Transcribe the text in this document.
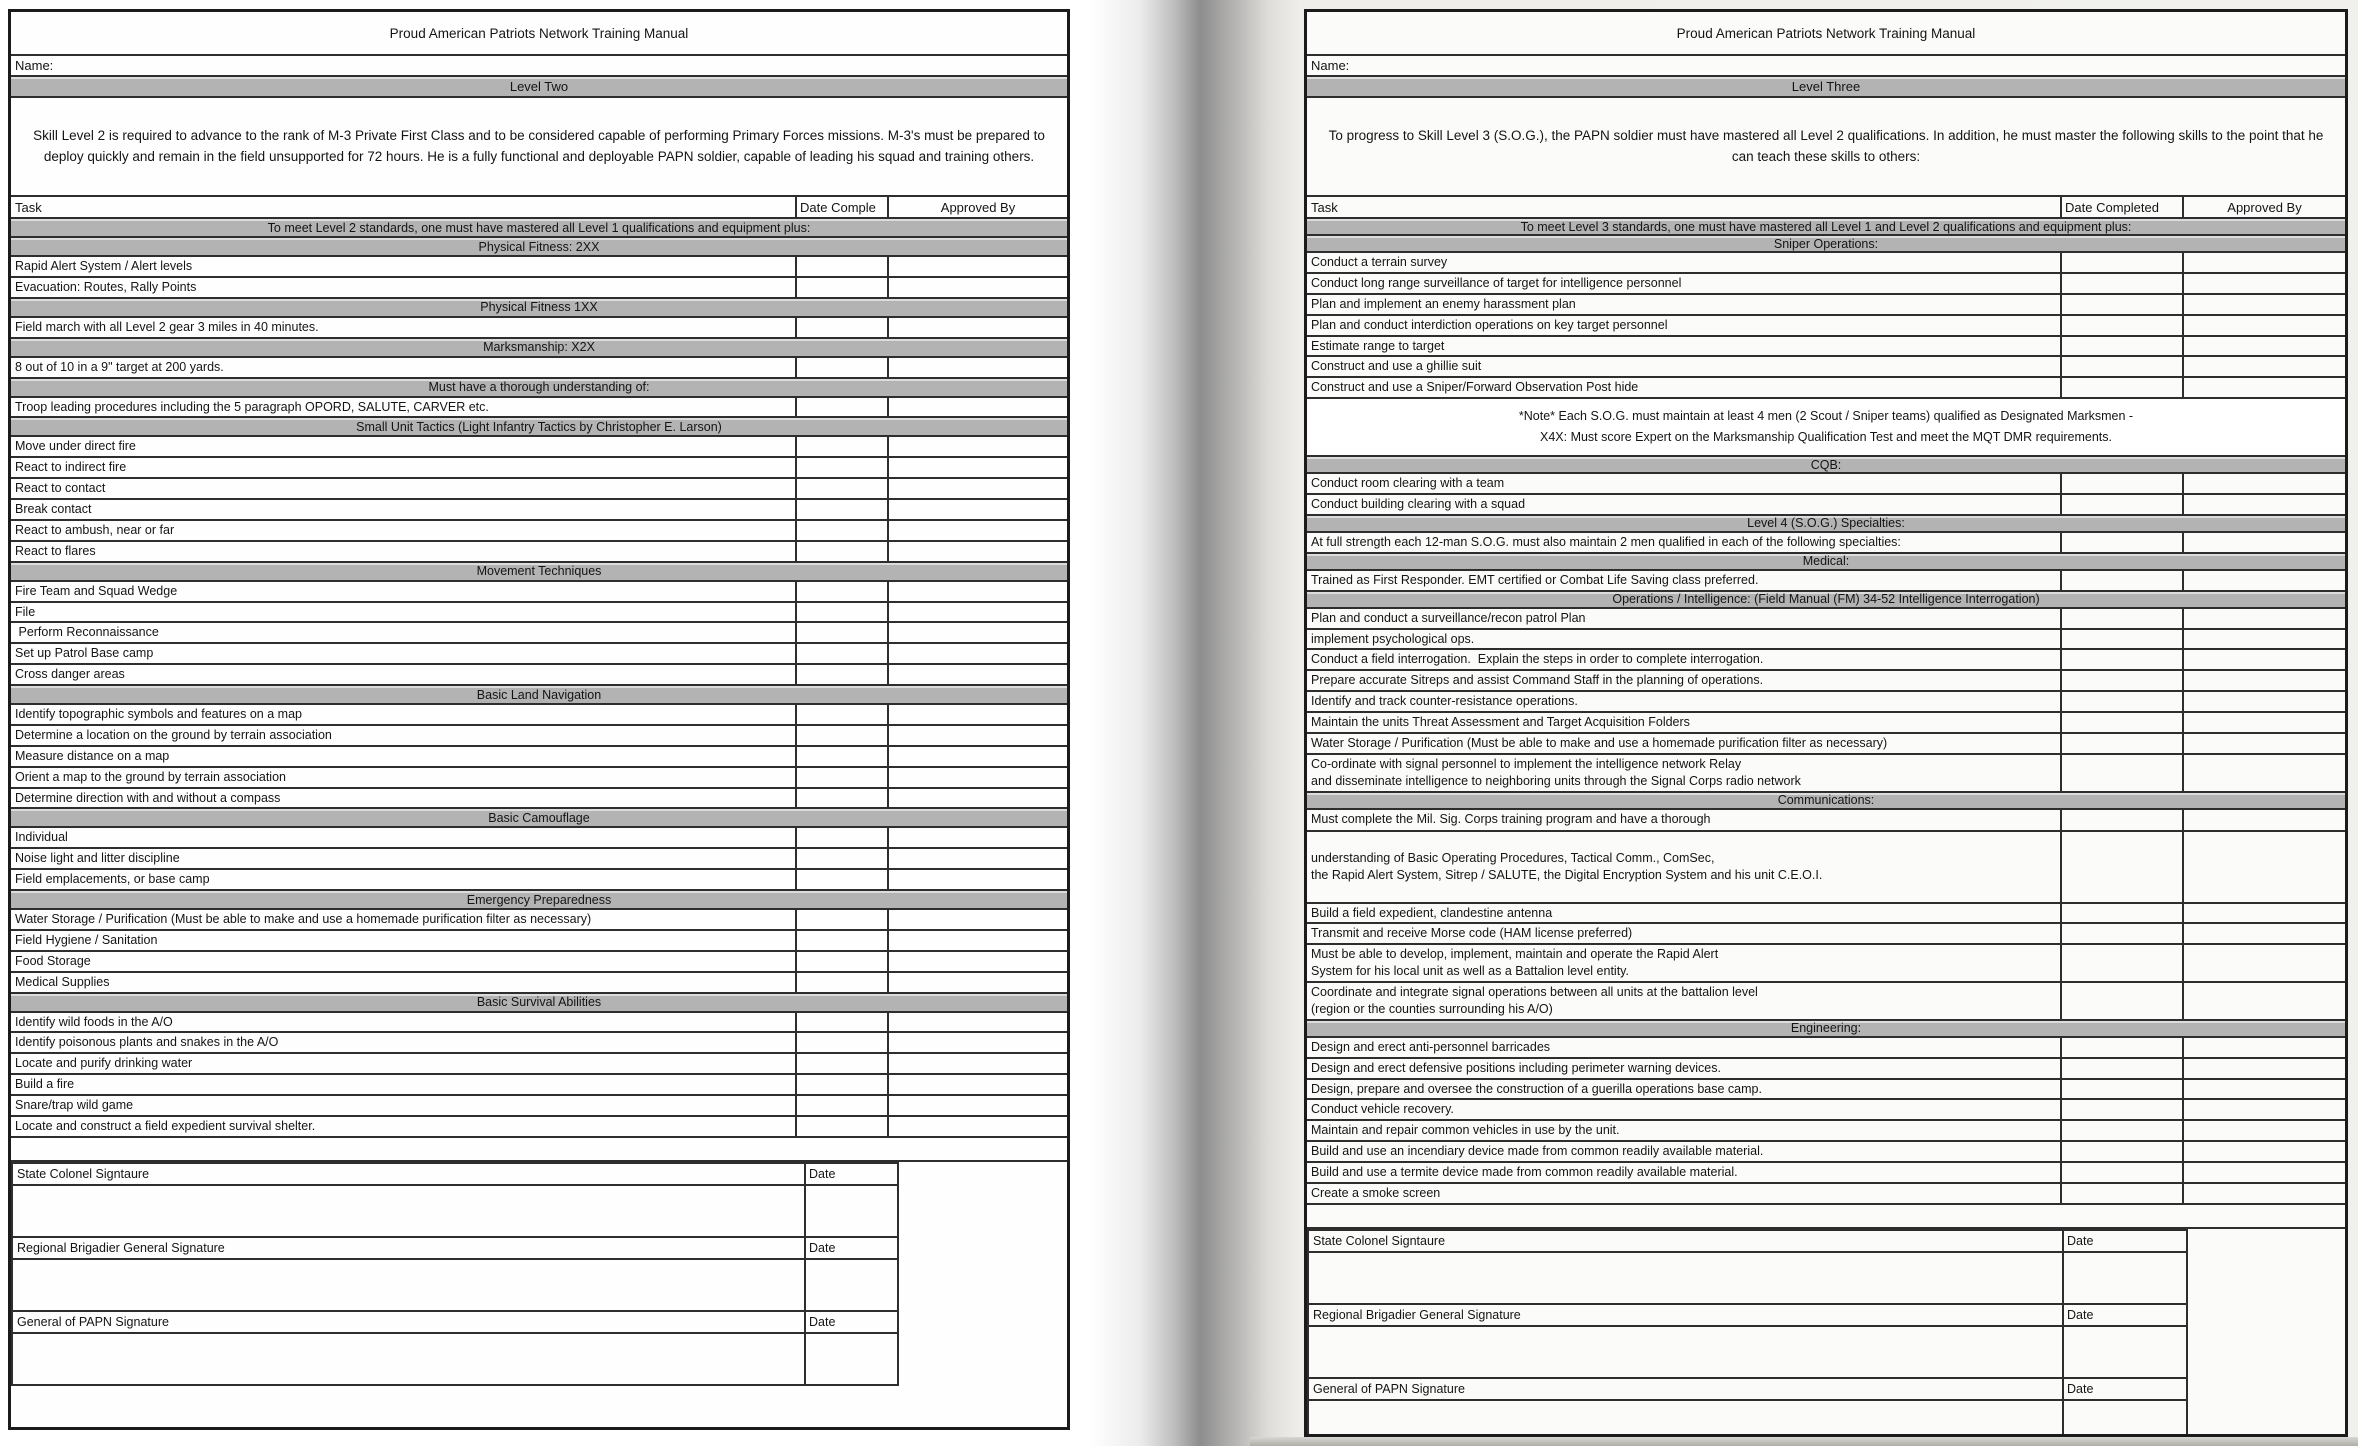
Proud American Patriots Network Training Manual
Name:
Level Two
Skill Level 2 is required to advance to the rank of M-3 Private First Class and to be considered capable of performing Primary Forces missions. M-3's must be prepared to deploy quickly and remain in the field unsupported for 72 hours. He is a fully functional and deployable PAPN soldier, capable of leading his squad and training others.
Task	Date Comple	Approved By
To meet Level 2 standards, one must have mastered all Level 1 qualifications and equipment plus:
Physical Fitness: 2XX
Rapid Alert System / Alert levels
Evacuation: Routes, Rally Points
Physical Fitness 1XX
Field march with all Level 2 gear 3 miles in 40 minutes.
Marksmanship: X2X
8 out of 10 in a 9" target at 200 yards.
Must have a thorough understanding of:
Troop leading procedures including the 5 paragraph OPORD, SALUTE, CARVER etc.
Small Unit Tactics (Light Infantry Tactics by Christopher E. Larson)
Move under direct fire
React to indirect fire
React to contact
Break contact
React to ambush, near or far
React to flares
Movement Techniques
Fire Team and Squad Wedge
File
Perform Reconnaissance
Set up Patrol Base camp
Cross danger areas
Basic Land Navigation
Identify topographic symbols and features on a map
Determine a location on the ground by terrain association
Measure distance on a map
Orient a map to the ground by terrain association
Determine direction with and without a compass
Basic Camouflage
Individual
Noise light and litter discipline
Field emplacements, or base camp
Emergency Preparedness
Water Storage / Purification (Must be able to make and use a homemade purification filter as necessary)
Field Hygiene / Sanitation
Food Storage
Medical Supplies
Basic Survival Abilities
Identify wild foods in the A/O
Identify poisonous plants and snakes in the A/O
Locate and purify drinking water
Build a fire
Snare/trap wild game
Locate and construct a field expedient survival shelter.
State Colonel Signtaure	Date
Regional Brigadier General Signature	Date
General of PAPN Signature	Date
Proud American Patriots Network Training Manual
Name:
Level Three
To progress to Skill Level 3 (S.O.G.), the PAPN soldier must have mastered all Level 2 qualifications. In addition, he must master the following skills to the point that he can teach these skills to others:
Task	Date Completed	Approved By
To meet Level 3 standards, one must have mastered all Level 1 and Level 2 qualifications and equipment plus:
Sniper Operations:
Conduct a terrain survey
Conduct long range surveillance of target for intelligence personnel
Plan and implement an enemy harassment plan
Plan and conduct interdiction operations on key target personnel
Estimate range to target
Construct and use a ghillie suit
Construct and use a Sniper/Forward Observation Post hide
*Note* Each S.O.G. must maintain at least 4 men (2 Scout / Sniper teams) qualified as Designated Marksmen -
X4X: Must score Expert on the Marksmanship Qualification Test and meet the MQT DMR requirements.
CQB:
Conduct room clearing with a team
Conduct building clearing with a squad
Level 4 (S.O.G.) Specialties:
At full strength each 12-man S.O.G. must also maintain 2 men qualified in each of the following specialties:
Medical:
Trained as First Responder. EMT certified or Combat Life Saving class preferred.
Operations / Intelligence: (Field Manual (FM) 34-52 Intelligence Interrogation)
Plan and conduct a surveillance/recon patrol Plan
implement psychological ops.
Conduct a field interrogation.  Explain the steps in order to complete interrogation.
Prepare accurate Sitreps and assist Command Staff in the planning of operations.
Identify and track counter-resistance operations.
Maintain the units Threat Assessment and Target Acquisition Folders
Water Storage / Purification (Must be able to make and use a homemade purification filter as necessary)
Co-ordinate with signal personnel to implement the intelligence network Relay
and disseminate intelligence to neighboring units through the Signal Corps radio network
Communications:
Must complete the Mil. Sig. Corps training program and have a thorough
understanding of Basic Operating Procedures, Tactical Comm., ComSec,
the Rapid Alert System, Sitrep / SALUTE, the Digital Encryption System and his unit C.E.O.I.
Build a field expedient, clandestine antenna
Transmit and receive Morse code (HAM license preferred)
Must be able to develop, implement, maintain and operate the Rapid Alert
System for his local unit as well as a Battalion level entity.
Coordinate and integrate signal operations between all units at the battalion level
(region or the counties surrounding his A/O)
Engineering:
Design and erect anti-personnel barricades
Design and erect defensive positions including perimeter warning devices.
Design, prepare and oversee the construction of a guerilla operations base camp.
Conduct vehicle recovery.
Maintain and repair common vehicles in use by the unit.
Build and use an incendiary device made from common readily available material.
Build and use a termite device made from common readily available material.
Create a smoke screen
State Colonel Signtaure	Date
Regional Brigadier General Signature	Date
General of PAPN Signature	Date
